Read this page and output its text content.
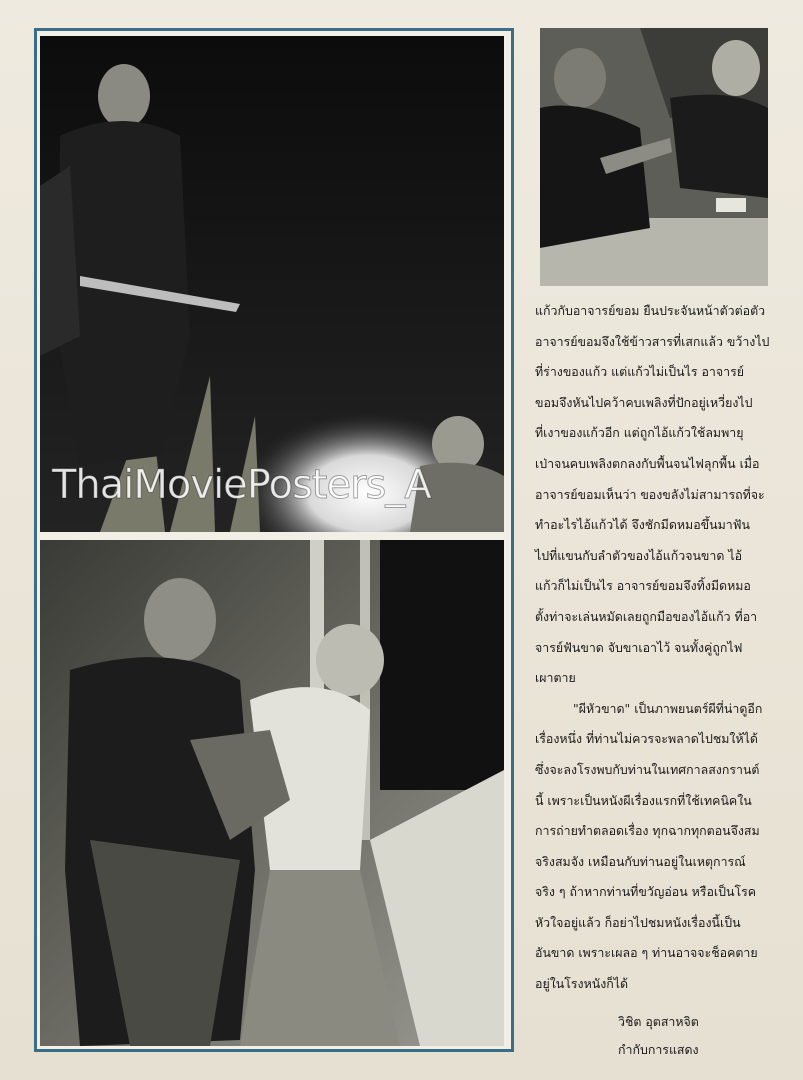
ThaiMoviePosters_A

แก้วกับอาจารย์ขอม ยืนประจันหน้าตัวต่อตัว
อาจารย์ขอมจึงใช้ข้าวสารที่เสกแล้ว ขว้างไป
ที่ร่างของแก้ว แต่แก้วไม่เป็นไร อาจารย์
ขอมจึงหันไปคว้าคบเพลิงที่ปักอยู่เหวี่ยงไป
ที่เงาของแก้วอีก แต่ถูกไอ้แก้วใช้ลมพายุ
เป่าจนคบเพลิงตกลงกับพื้นจนไฟลุกพื้น เมื่อ
อาจารย์ขอมเห็นว่า ของขลังไม่สามารถที่จะ
ทำอะไรไอ้แก้วได้ จึงชักมีดหมอขึ้นมาฟัน
ไปที่แขนกับลำตัวของไอ้แก้วจนขาด ไอ้
แก้วก็ไม่เป็นไร อาจารย์ขอมจึงทิ้งมีดหมอ
ตั้งท่าจะเล่นหมัดเลยถูกมือของไอ้แก้ว ที่อา
จารย์ฟันขาด จับขาเอาไว้ จนทั้งคู่ถูกไฟ
เผาตาย

"ผีหัวขาด" เป็นภาพยนตร์ผีที่น่าดูอีก
เรื่องหนึ่ง ที่ท่านไม่ควรจะพลาดไปชมให้ได้
ซึ่งจะลงโรงพบกับท่านในเทศกาลสงกรานต์
นี้ เพราะเป็นหนังผีเรื่องแรกที่ใช้เทคนิคใน
การถ่ายทำตลอดเรื่อง ทุกฉากทุกตอนจึงสม
จริงสมจัง เหมือนกับท่านอยู่ในเหตุการณ์
จริง ๆ ถ้าหากท่านที่ขวัญอ่อน หรือเป็นโรค
หัวใจอยู่แล้ว ก็อย่าไปชมหนังเรื่องนี้เป็น
อันขาด เพราะเผลอ ๆ ท่านอาจจะช็อคตาย
อยู่ในโรงหนังก็ได้

วิชิต อุตสาหจิต
กำกับการแสดง
